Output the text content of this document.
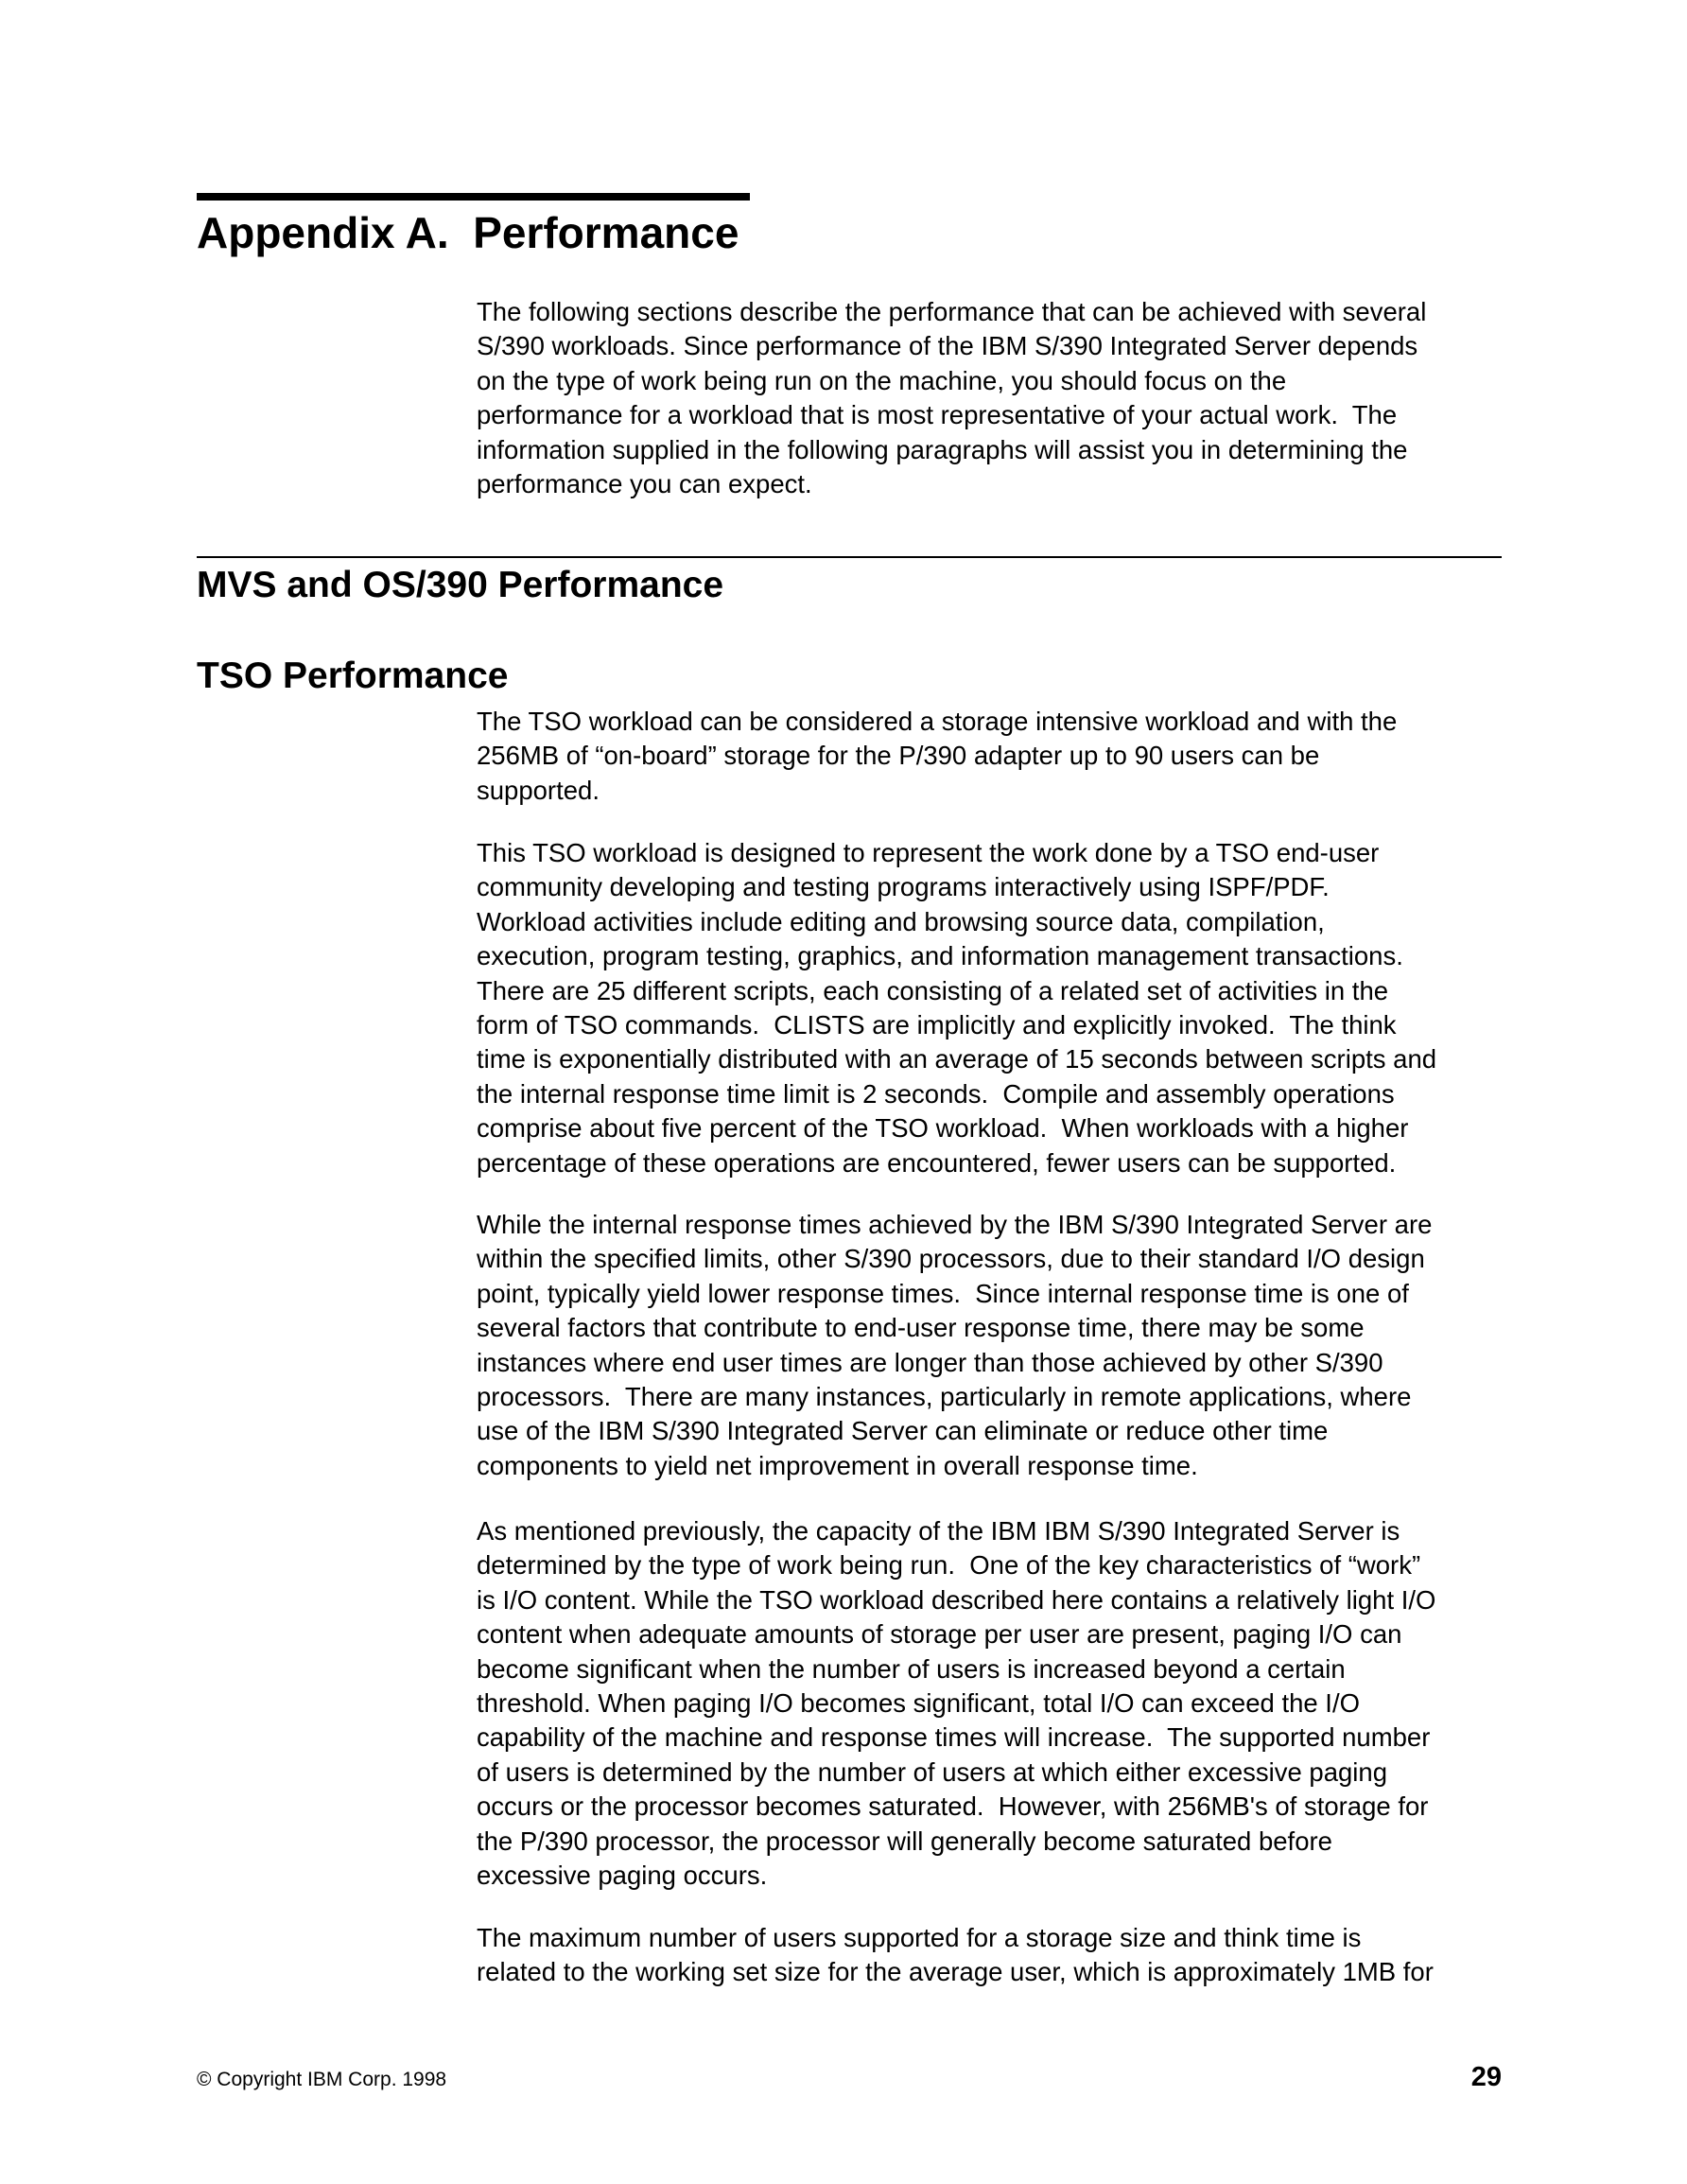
Appendix A.  Performance
The following sections describe the performance that can be achieved with several
S/390 workloads. Since performance of the IBM S/390 Integrated Server depends
on the type of work being run on the machine, you should focus on the
performance for a workload that is most representative of your actual work.  The
information supplied in the following paragraphs will assist you in determining the
performance you can expect.
MVS and OS/390 Performance
TSO Performance
The TSO workload can be considered a storage intensive workload and with the
256MB of “on-board” storage for the P/390 adapter up to 90 users can be
supported.
This TSO workload is designed to represent the work done by a TSO end-user
community developing and testing programs interactively using ISPF/PDF.
Workload activities include editing and browsing source data, compilation,
execution, program testing, graphics, and information management transactions.
There are 25 different scripts, each consisting of a related set of activities in the
form of TSO commands.  CLISTS are implicitly and explicitly invoked.  The think
time is exponentially distributed with an average of 15 seconds between scripts and
the internal response time limit is 2 seconds.  Compile and assembly operations
comprise about five percent of the TSO workload.  When workloads with a higher
percentage of these operations are encountered, fewer users can be supported.
While the internal response times achieved by the IBM S/390 Integrated Server are
within the specified limits, other S/390 processors, due to their standard I/O design
point, typically yield lower response times.  Since internal response time is one of
several factors that contribute to end-user response time, there may be some
instances where end user times are longer than those achieved by other S/390
processors.  There are many instances, particularly in remote applications, where
use of the IBM S/390 Integrated Server can eliminate or reduce other time
components to yield net improvement in overall response time.
As mentioned previously, the capacity of the IBM IBM S/390 Integrated Server is
determined by the type of work being run.  One of the key characteristics of “work”
is I/O content. While the TSO workload described here contains a relatively light I/O
content when adequate amounts of storage per user are present, paging I/O can
become significant when the number of users is increased beyond a certain
threshold. When paging I/O becomes significant, total I/O can exceed the I/O
capability of the machine and response times will increase.  The supported number
of users is determined by the number of users at which either excessive paging
occurs or the processor becomes saturated.  However, with 256MB's of storage for
the P/390 processor, the processor will generally become saturated before
excessive paging occurs.
The maximum number of users supported for a storage size and think time is
related to the working set size for the average user, which is approximately 1MB for
© Copyright IBM Corp. 1998	29
